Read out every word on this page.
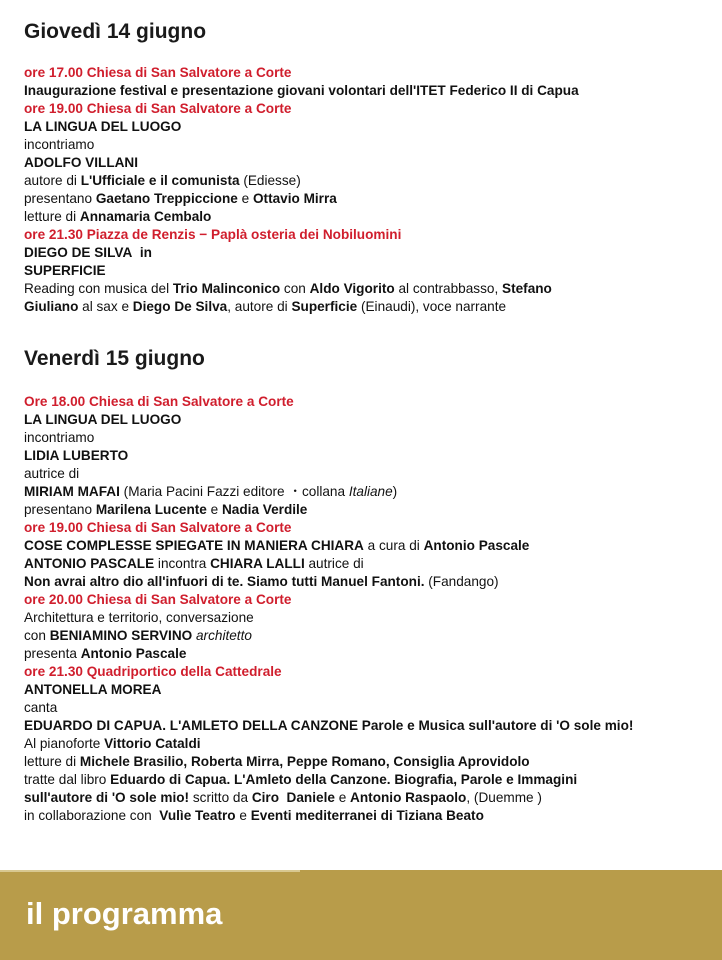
Giovedì 14 giugno
ore 17.00 Chiesa di San Salvatore a Corte
Inaugurazione festival e presentazione giovani volontari dell'ITET Federico II di Capua
ore 19.00 Chiesa di San Salvatore a Corte
LA LINGUA DEL LUOGO
incontriamo
ADOLFO VILLANI
autore di L'Ufficiale e il comunista (Ediesse)
presentano Gaetano Treppiccione e Ottavio Mirra
letture di Annamaria Cembalo
ore 21.30 Piazza de Renzis − Paplà osteria dei Nobiluomini
DIEGO DE SILVA in
SUPERFICIE
Reading con musica del Trio Malinconico con Aldo Vigorito al contrabbasso, Stefano
Giuliano al sax e Diego De Silva, autore di Superficie (Einaudi), voce narrante
Venerdì 15 giugno
Ore 18.00 Chiesa di San Salvatore a Corte
LA LINGUA DEL LUOGO
incontriamo
LIDIA LUBERTO
autrice di
MIRIAM MAFAI (Maria Pacini Fazzi editore ・collana Italiane)
presentano Marilena Lucente e Nadia Verdile
ore 19.00 Chiesa di San Salvatore a Corte
COSE COMPLESSE SPIEGATE IN MANIERA CHIARA a cura di Antonio Pascale
ANTONIO PASCALE incontra CHIARA LALLI autrice di
Non avrai altro dio all'infuori di te. Siamo tutti Manuel Fantoni. (Fandango)
ore 20.00 Chiesa di San Salvatore a Corte
Architettura e territorio, conversazione
con BENIAMINO SERVINO architetto
presenta Antonio Pascale
ore 21.30 Quadriportico della Cattedrale
ANTONELLA MOREA
canta
EDUARDO DI CAPUA. L'AMLETO DELLA CANZONE Parole e Musica sull'autore di 'O sole mio!
Al pianoforte Vittorio Cataldi
letture di Michele Brasilio, Roberta Mirra, Peppe Romano, Consiglia Aprovidolo
tratte dal libro Eduardo di Capua. L'Amleto della Canzone. Biografia, Parole e Immagini
sull'autore di 'O sole mio! scritto da Ciro  Daniele e Antonio Raspaolo, (Duemme )
in collaborazione con  Vulìe Teatro e Eventi mediterranei di Tiziana Beato
il programma
